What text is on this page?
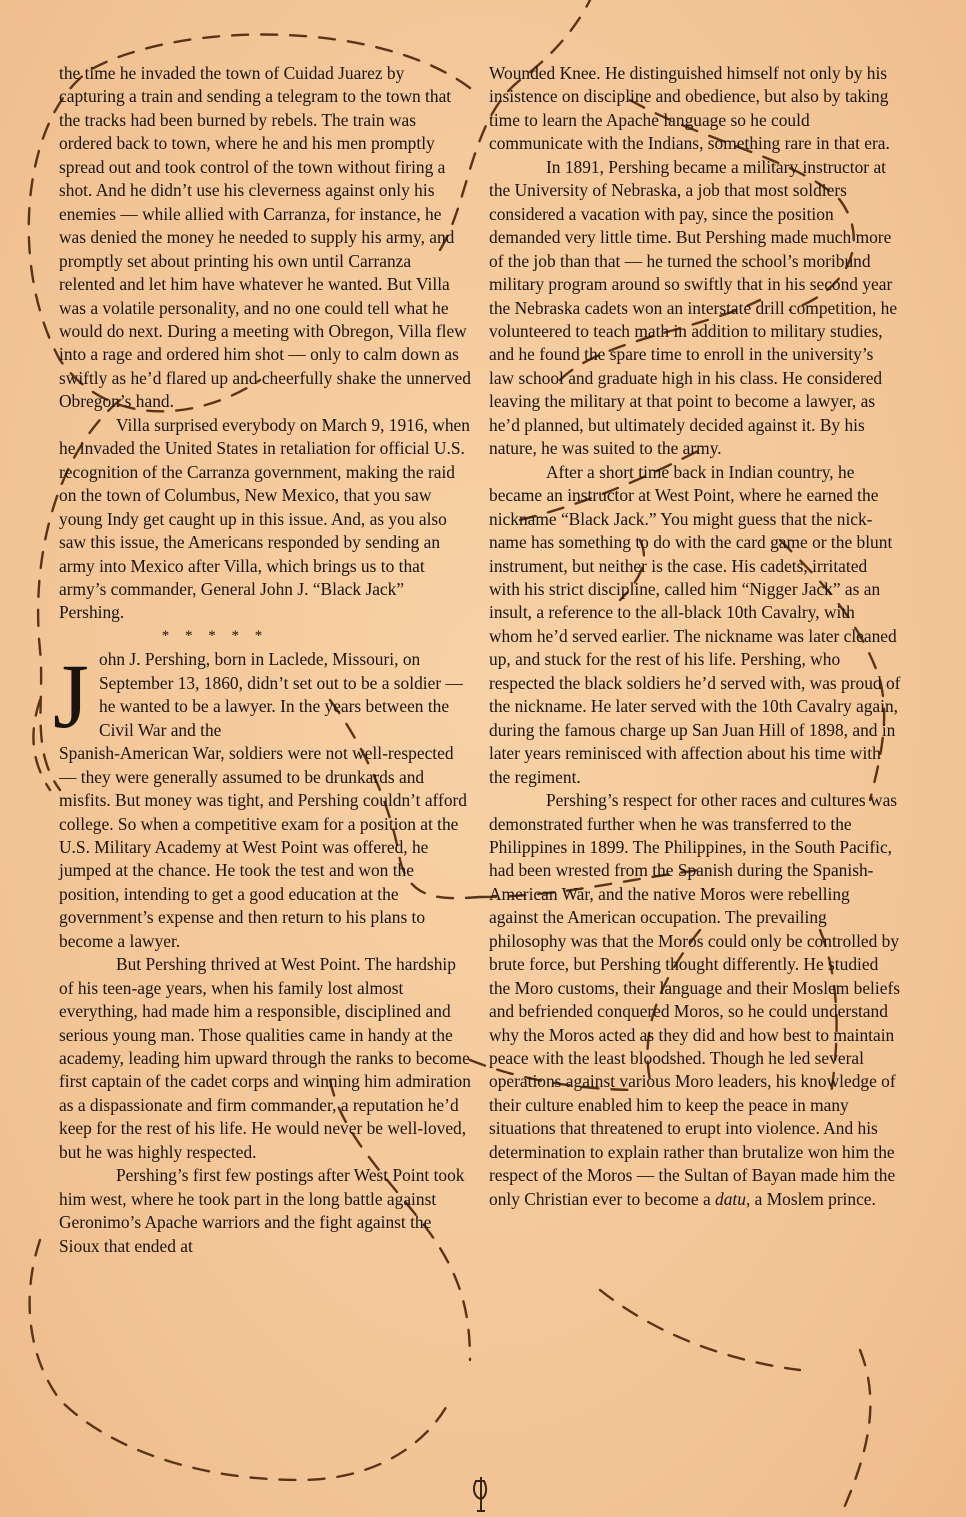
the time he invaded the town of Cuidad Juarez by capturing a train and sending a telegram to the town that the tracks had been burned by rebels. The train was ordered back to town, where he and his men promptly spread out and took control of the town without firing a shot. And he didn’t use his cleverness against only his enemies — while allied with Carranza, for instance, he was denied the money he needed to supply his army, and promptly set about printing his own until Carranza relented and let him have whatever he wanted. But Villa was a volatile personality, and no one could tell what he would do next. During a meeting with Obregon, Villa flew into a rage and ordered him shot — only to calm down as swiftly as he’d flared up and cheerfully shake the unnerved Obregon’s hand.

Villa surprised everybody on March 9, 1916, when he invaded the United States in retaliation for official U.S. recognition of the Carranza government, making the raid on the town of Columbus, New Mexico, that you saw young Indy get caught up in this issue. And, as you also saw this issue, the Americans responded by sending an army into Mexico after Villa, which brings us to that army’s commander, General John J. “Black Jack” Pershing.

* * * * *
J ohn J. Pershing, born in Laclede, Missouri, on September 13, 1860, didn’t set out to be a soldier — he wanted to be a lawyer. In the years between the Civil War and the
Spanish-American War, soldiers were not well-respected — they were generally assumed to be drunkards and misfits. But money was tight, and Pershing couldn’t afford college. So when a competitive exam for a position at the U.S. Military Academy at West Point was offered, he jumped at the chance. He took the test and won the position, intending to get a good education at the government’s expense and then return to his plans to become a lawyer.

But Pershing thrived at West Point. The hardship of his teen-age years, when his family lost almost everything, had made him a responsible, disciplined and serious young man. Those qualities came in handy at the academy, leading him upward through the ranks to become first captain of the cadet corps and winning him admiration as a dispassionate and firm commander, a reputation he’d keep for the rest of his life. He would never be well-loved, but he was highly respected.

Pershing’s first few postings after West Point took him west, where he took part in the long battle against Geronimo’s Apache warriors and the fight against the Sioux that ended at

Wounded Knee. He distinguished himself not only by his insistence on discipline and obedience, but also by taking time to learn the Apache language so he could communicate with the Indians, something rare in that era.

In 1891, Pershing became a military instructor at the University of Nebraska, a job that most soldiers considered a vacation with pay, since the position demanded very little time. But Pershing made much more of the job than that — he turned the school’s moribund military program around so swiftly that in his second year the Nebraska cadets won an interstate drill competition, he volunteered to teach math in addition to military studies, and he found the spare time to enroll in the university’s law school and graduate high in his class. He considered leaving the military at that point to become a lawyer, as he’d planned, but ultimately decided against it. By his nature, he was suited to the army.

After a short time back in Indian country, he became an instructor at West Point, where he earned the nickname “Black Jack.” You might guess that the nick-name has something to do with the card game or the blunt instrument, but neither is the case. His cadets, irritated with his strict discipline, called him “Nigger Jack” as an insult, a reference to the all-black 10th Cavalry, with whom he’d served earlier. The nickname was later cleaned up, and stuck for the rest of his life. Pershing, who respected the black soldiers he’d served with, was proud of the nickname. He later served with the 10th Cavalry again, during the famous charge up San Juan Hill of 1898, and in later years reminisced with affection about his time with the regiment.

Pershing’s respect for other races and cultures was demonstrated further when he was transferred to the Philippines in 1899. The Philippines, in the South Pacific, had been wrested from the Spanish during the Spanish-American War, and the native Moros were rebelling against the American occupation. The prevailing philosophy was that the Moros could only be controlled by brute force, but Pershing thought differently. He studied the Moro customs, their language and their Moslem beliefs and befriended conquered Moros, so he could understand why the Moros acted as they did and how best to maintain peace with the least bloodshed. Though he led several operations against various Moro leaders, his knowledge of their culture enabled him to keep the peace in many situations that threatened to erupt into violence. And his determination to explain rather than brutalize won him the respect of the Moros — the Sultan of Bayan made him the only Christian ever to become a datu, a Moslem prince.
